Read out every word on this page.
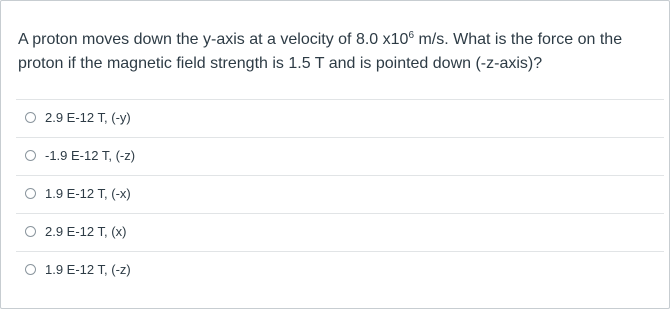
A proton moves down the y-axis at a velocity of 8.0 $x10^6$ m/s. What is the force on the proton if the magnetic field strength is 1.5 T and is pointed down (-z-axis)?
2.9 E-12 T, (-y)
-1.9 E-12 T, (-z)
1.9 E-12 T, (-x)
2.9 E-12 T, (x)
1.9 E-12 T, (-z)
